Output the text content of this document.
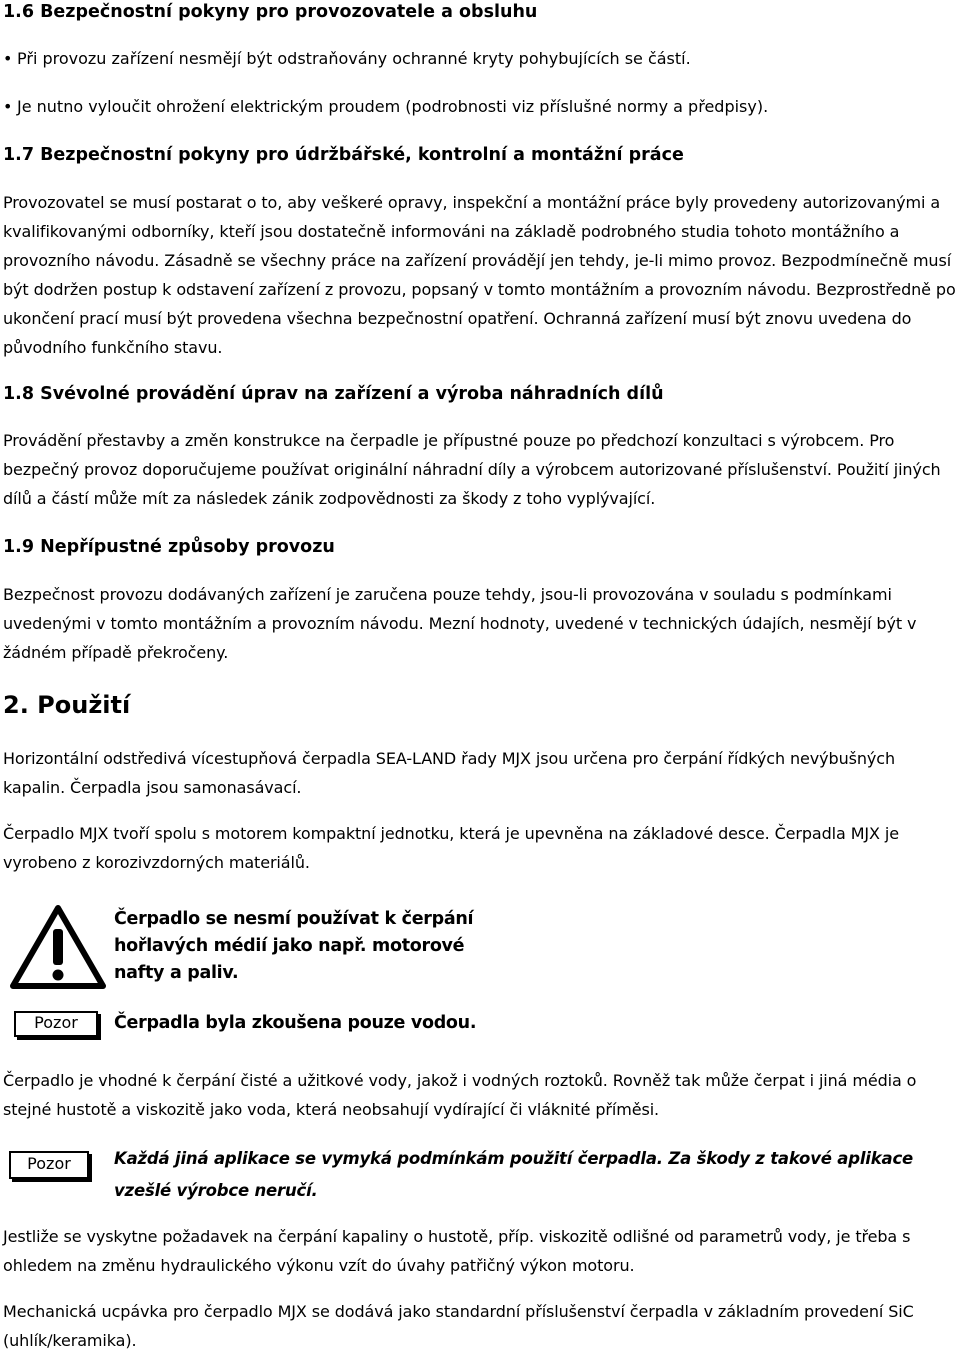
1.6 Bezpečnostní pokyny pro provozovatele a obsluhu
• Při provozu zařízení nesmějí být odstraňovány ochranné kryty pohybujících se částí.
• Je nutno vyloučit ohrožení elektrickým proudem (podrobnosti viz příslušné normy a předpisy).
1.7 Bezpečnostní pokyny pro údržbářské, kontrolní a montážní práce
Provozovatel se musí postarat o to, aby veškeré opravy, inspekční a montážní práce byly provedeny autorizovanými a kvalifikovanými odborníky, kteří jsou dostatečně informováni na základě podrobného studia tohoto montážního a provozního návodu. Zásadně se všechny práce na zařízení provádějí jen tehdy, je-li mimo provoz. Bezpodmínečně musí být dodržen postup k odstavení zařízení z provozu, popsaný v tomto montážním a provozním návodu. Bezprostředně po ukončení prací musí být provedena všechna bezpečnostní opatření. Ochranná zařízení musí být znovu uvedena do původního funkčního stavu.
1.8 Svévolné provádění úprav na zařízení a výroba náhradních dílů
Provádění přestavby a změn konstrukce na čerpadle je přípustné pouze po předchozí konzultaci s výrobcem. Pro bezpečný provoz doporučujeme používat originální náhradní díly a výrobcem autorizované příslušenství. Použití jiných dílů a částí může mít za následek zánik zodpovědnosti za škody z toho vyplývající.
1.9 Nepřípustné způsoby provozu
Bezpečnost provozu dodávaných zařízení je zaručena pouze tehdy, jsou-li provozována v souladu s podmínkami uvedenými v tomto montážním a provozním návodu. Mezní hodnoty, uvedené v technických údajích, nesmějí být v žádném případě překročeny.
2. Použití
Horizontální odstředivá vícestupňová čerpadla SEA-LAND řady MJX jsou určena pro čerpání řídkých nevýbušných kapalin. Čerpadla jsou samonasávací.
Čerpadlo MJX tvoří spolu s motorem kompaktní jednotku, která je upevněna na základové desce. Čerpadla MJX je vyrobeno z korozivzdorných materiálů.
Čerpadlo se nesmí používat k čerpání
hořlavých médií jako např. motorové
nafty a paliv.
Pozor	Čerpadla byla zkoušena pouze vodou.
Čerpadlo je vhodné k čerpání čisté a užitkové vody, jakož i vodných roztoků. Rovněž tak může čerpat i jiná média o stejné hustotě a viskozitě jako voda, která neobsahují vydírající či vláknité příměsi.
Pozor	Každá jiná aplikace se vymyká podmínkám použití čerpadla. Za škody z takové aplikace vzešlé výrobce neručí.
Jestliže se vyskytne požadavek na čerpání kapaliny o hustotě, příp. viskozitě odlišné od parametrů vody, je třeba s ohledem na změnu hydraulického výkonu vzít do úvahy patřičný výkon motoru.
Mechanická ucpávka pro čerpadlo MJX se dodává jako standardní příslušenství čerpadla v základním provedení SiC (uhlík/keramika).
